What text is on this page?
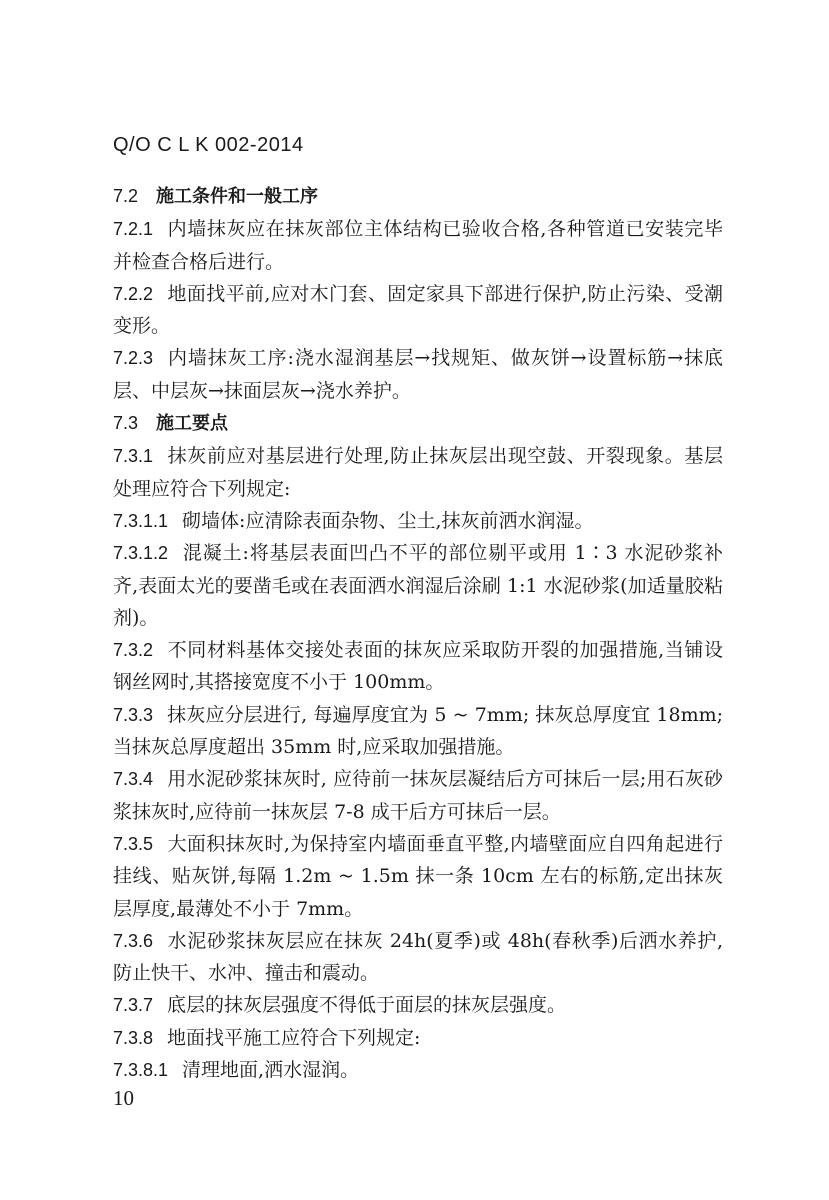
Q/O C L K 002-2014

7.2 施工条件和一般工序

7.2.1 内墙抹灰应在抹灰部位主体结构已验收合格,各种管道已安装完毕并检查合格后进行。

7.2.2 地面找平前,应对木门套、固定家具下部进行保护,防止污染、受潮变形。

7.2.3 内墙抹灰工序:浇水湿润基层→找规矩、做灰饼→设置标筋→抹底层、中层灰→抹面层灰→浇水养护。

7.3 施工要点

7.3.1 抹灰前应对基层进行处理,防止抹灰层出现空鼓、开裂现象。基层处理应符合下列规定:

7.3.1.1 砌墙体:应清除表面杂物、尘土,抹灰前洒水润湿。

7.3.1.2 混凝土:将基层表面凹凸不平的部位剔平或用 1∶3 水泥砂浆补齐,表面太光的要凿毛或在表面洒水润湿后涂刷 1:1 水泥砂浆(加适量胶粘剂)。

7.3.2 不同材料基体交接处表面的抹灰应采取防开裂的加强措施,当铺设钢丝网时,其搭接宽度不小于 100mm。

7.3.3 抹灰应分层进行, 每遍厚度宜为 5 ~ 7mm; 抹灰总厚度宜 18mm;当抹灰总厚度超出 35mm 时,应采取加强措施。

7.3.4 用水泥砂浆抹灰时, 应待前一抹灰层凝结后方可抹后一层;用石灰砂浆抹灰时,应待前一抹灰层 7-8 成干后方可抹后一层。

7.3.5 大面积抹灰时,为保持室内墙面垂直平整,内墙壁面应自四角起进行挂线、贴灰饼,每隔 1.2m ~ 1.5m 抹一条 10cm 左右的标筋,定出抹灰层厚度,最薄处不小于 7mm。

7.3.6 水泥砂浆抹灰层应在抹灰 24h(夏季)或 48h(春秋季)后洒水养护,防止快干、水冲、撞击和震动。

7.3.7 底层的抹灰层强度不得低于面层的抹灰层强度。

7.3.8 地面找平施工应符合下列规定:

7.3.8.1 清理地面,洒水湿润。

10
